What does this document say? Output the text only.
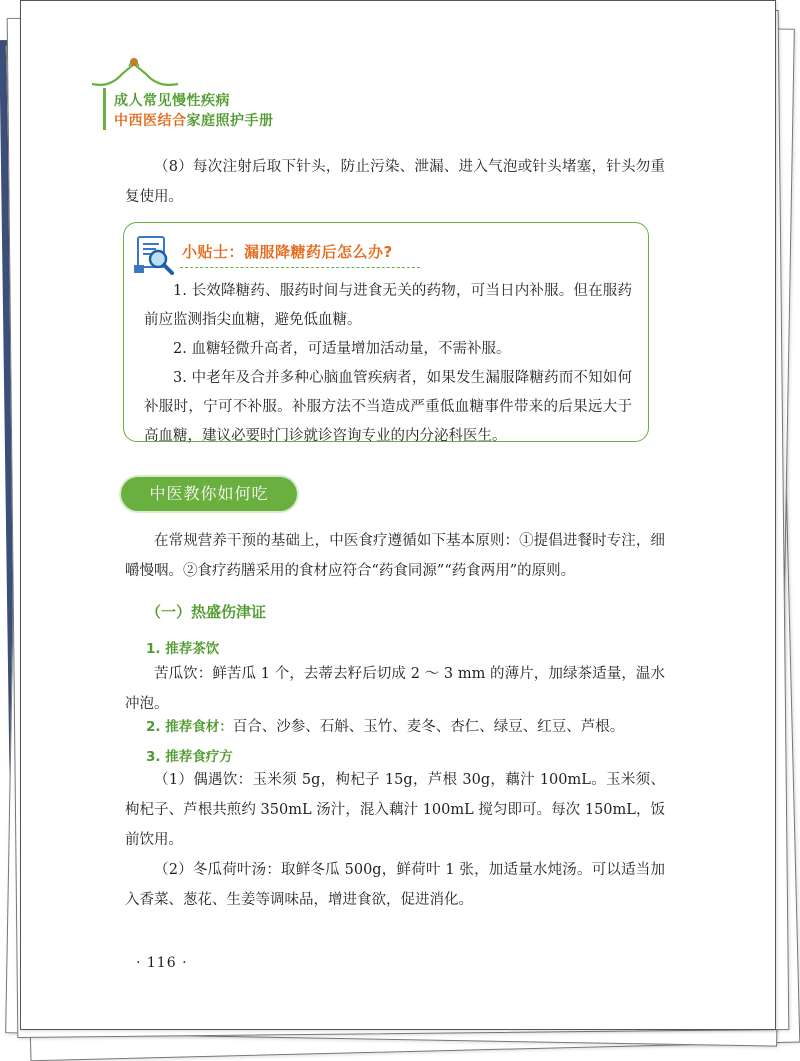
成人常见慢性疾病
中西医结合家庭照护手册

（8）每次注射后取下针头，防止污染、泄漏、进入气泡或针头堵塞，针头勿重复使用。

小贴士：漏服降糖药后怎么办?

1. 长效降糖药、服药时间与进食无关的药物，可当日内补服。但在服药前应监测指尖血糖，避免低血糖。

2. 血糖轻微升高者，可适量增加活动量，不需补服。

3. 中老年及合并多种心脑血管疾病者，如果发生漏服降糖药而不知如何补服时，宁可不补服。补服方法不当造成严重低血糖事件带来的后果远大于高血糖，建议必要时门诊就诊咨询专业的内分泌科医生。

中医教你如何吃

在常规营养干预的基础上，中医食疗遵循如下基本原则：①提倡进餐时专注，细嚼慢咽。②食疗药膳采用的食材应符合“药食同源”“药食两用”的原则。

（一）热盛伤津证
1. 推荐茶饮

苦瓜饮：鲜苦瓜 1 个，去蒂去籽后切成 2 ～ 3 mm 的薄片，加绿茶适量，温水冲泡。

2. 推荐食材：百合、沙参、石斛、玉竹、麦冬、杏仁、绿豆、红豆、芦根。
3. 推荐食疗方

（1）偶遇饮：玉米须 5g，枸杞子 15g，芦根 30g，藕汁 100mL。玉米须、枸杞子、芦根共煎约 350mL 汤汁，混入藕汁 100mL 搅匀即可。每次 150mL，饭前饮用。

（2）冬瓜荷叶汤：取鲜冬瓜 500g，鲜荷叶 1 张，加适量水炖汤。可以适当加入香菜、葱花、生姜等调味品，增进食欲，促进消化。

· 116 ·
